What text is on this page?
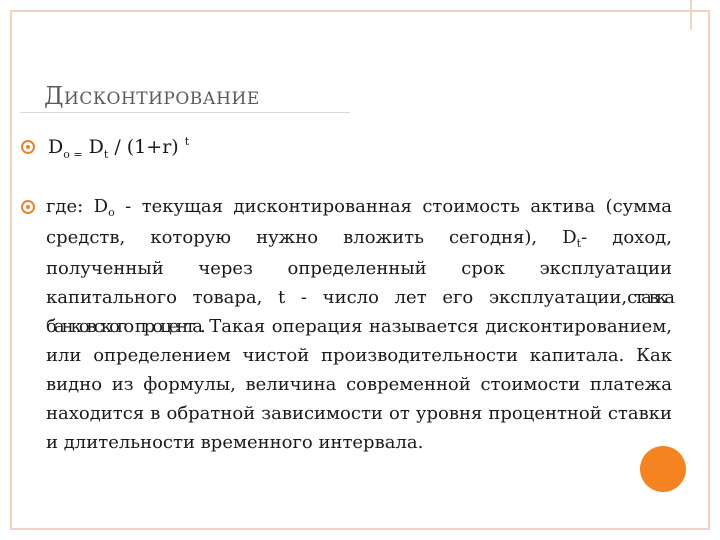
ДИСКОНТИРОВАНИЕ
$D_{o =}$ $D_t / (1+r)$ $^t$
где: $D_o$ - текущая дисконтированная стоимость актива (сумма средств, которую нужно вложить сегодня), $D_t-$ доход, полученный через определенный срок эксплуатации капитального товара, t - число лет его эксплуатации,ставка банковского процента. Такая операция называется дисконтированием, или определением чистой производительности капитала. Как видно из формулы, величина современной стоимости платежа находится в обратной зависимости от уровня процентной ставки и длительности временного интервала.
